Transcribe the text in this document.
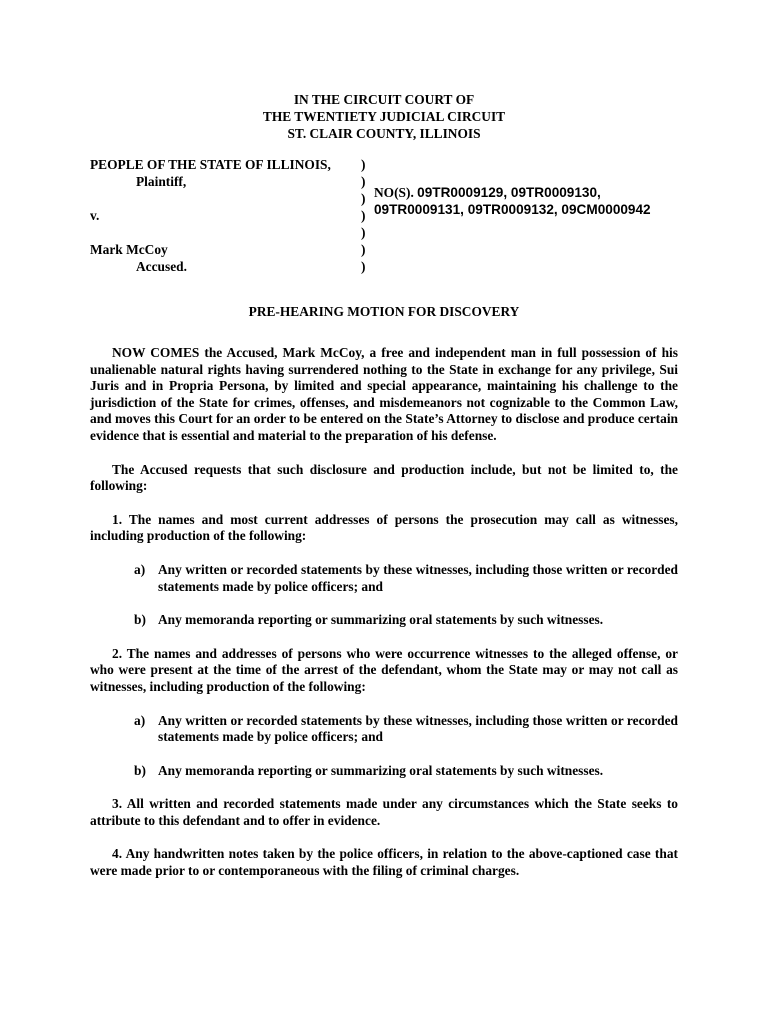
IN THE CIRCUIT COURT OF
THE TWENTIETY JUDICIAL CIRCUIT
ST. CLAIR COUNTY, ILLINOIS
PEOPLE OF THE STATE OF ILLINOIS,
Plaintiff,
v.
Mark McCoy
Accused.
)
)
)
)
)
)
)
NO(S). 09TR0009129, 09TR0009130,
09TR0009131, 09TR0009132, 09CM0000942
PRE-HEARING MOTION FOR DISCOVERY

NOW COMES the Accused, Mark McCoy, a free and independent man in full possession of his unalienable natural rights having surrendered nothing to the State in exchange for any privilege, Sui Juris and in Propria Persona, by limited and special appearance, maintaining his challenge to the jurisdiction of the State for crimes, offenses, and misdemeanors not cognizable to the Common Law, and moves this Court for an order to be entered on the State’s Attorney to disclose and produce certain evidence that is essential and material to the preparation of his defense.

The Accused requests that such disclosure and production include, but not be limited to, the following:

1. The names and most current addresses of persons the prosecution may call as witnesses, including production of the following:

a) Any written or recorded statements by these witnesses, including those written or recorded statements made by police officers; and
b) Any memoranda reporting or summarizing oral statements by such witnesses.

2. The names and addresses of persons who were occurrence witnesses to the alleged offense, or who were present at the time of the arrest of the defendant, whom the State may or may not call as witnesses, including production of the following:

a) Any written or recorded statements by these witnesses, including those written or recorded statements made by police officers; and
b) Any memoranda reporting or summarizing oral statements by such witnesses.

3. All written and recorded statements made under any circumstances which the State seeks to attribute to this defendant and to offer in evidence.

4. Any handwritten notes taken by the police officers, in relation to the above-captioned case that were made prior to or contemporaneous with the filing of criminal charges.
